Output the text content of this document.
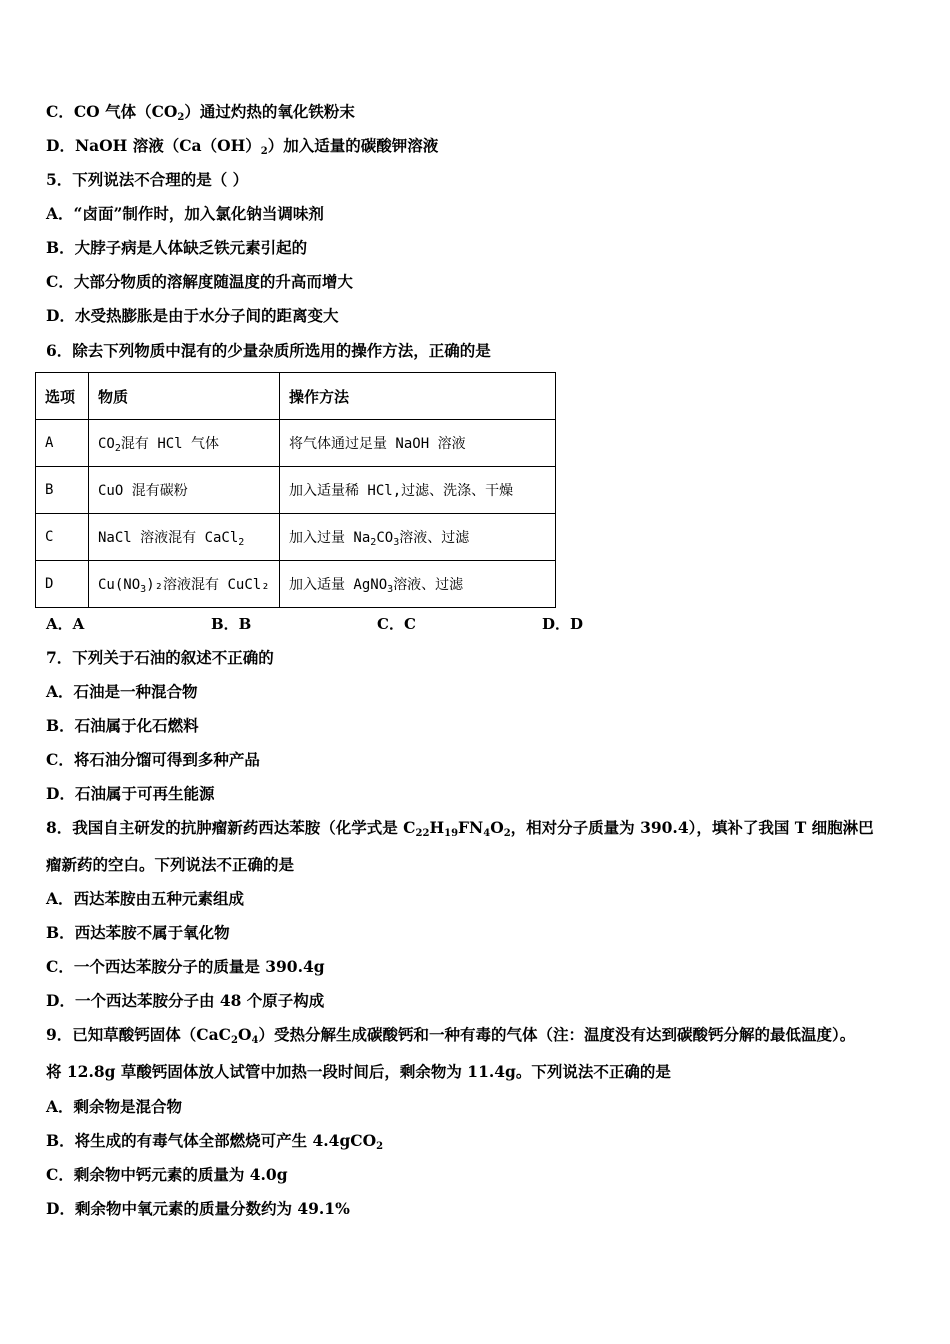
C．CO 气体$(CO_2)$通过灼热的氧化铁粉末
D．NaOH 溶液$(Ca(OH)_2)$加入适量的碳酸钾溶液
5．下列说法不合理的是（ ）
A．“卤面”制作时，加入氯化钠当调味剂
B．大脖子病是人体缺乏铁元素引起的
C．大部分物质的溶解度随温度的升高而增大
D．水受热膨胀是由于水分子间的距离变大
6．除去下列物质中混有的少量杂质所选用的操作方法，正确的是
选项	物质	操作方法
A	$CO_2$混有 HCl 气体	将气体通过足量 NaOH 溶液
B	CuO 混有碳粉	加入适量稀 HCl,过滤、洗涤、干燥
C	NaCl 溶液混有 CaCl$_2$	加入过量 $Na_2CO_3$溶液、过滤
D	$Cu(NO_3)_2$溶液混有 CuCl₂	加入适量 AgNO$_3$溶液、过滤
A．A	B．B	C．C	D．D
7．下列关于石油的叙述不正确的
A．石油是一种混合物
B．石油属于化石燃料
C．将石油分馏可得到多种产品
D．石油属于可再生能源
8．我国自主研发的抗肿瘤新药西达苯胺（化学式是 $C_{22}H_{19}FN_4O_2$，相对分子质量为 390.4），填补了我国 T 细胞淋巴
瘤新药的空白。下列说法不正确的是
A．西达苯胺由五种元素组成
B．西达苯胺不属于氧化物
C．一个西达苯胺分子的质量是 390.4g
D．一个西达苯胺分子由 48 个原子构成
9．已知草酸钙固体$(CaC_2O_4)$受热分解生成碳酸钙和一种有毒的气体（注：温度没有达到碳酸钙分解的最低温度）。
将 12.8g 草酸钙固体放人试管中加热一段时间后，剩余物为 11.4g。下列说法不正确的是
A．剩余物是混合物
B．将生成的有毒气体全部燃烧可产生 4.4gCO$_2$
C．剩余物中钙元素的质量为 4.0g
D．剩余物中氧元素的质量分数约为 49.1%
